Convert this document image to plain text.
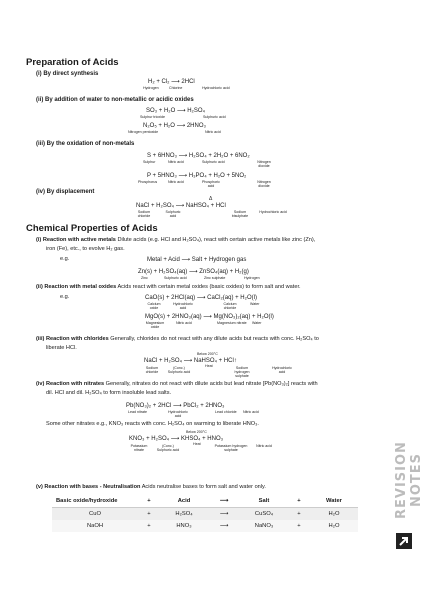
Preparation of Acids
(i) By direct synthesis
H₂ + Cl₂ ⟶ 2HCl
Hydrogen	Chlorine	Hydrochloric acid
(ii) By addition of water to non-metallic or acidic oxides
SO₃ + H₂O ⟶ H₂SO₄
Sulphur trioxide	Sulphuric acid
N₂O₅ + H₂O ⟶ 2HNO₃
Nitrogen pentoxide	Nitric acid
(iii) By the oxidation of non-metals
S + 6HNO₃ ⟶ H₂SO₄ + 2H₂O + 6NO₂
Sulphur	Nitric acid	Sulphuric acid	Nitrogen dioxide
P + 5HNO₃ ⟶ H₃PO₄ + H₂O + 5NO₂
Phosphorus	Nitric acid	Phosphoric acid
Nitrogen dioxide
(iv) By displacement
Δ
NaCl + H₂SO₄ ⟶ NaHSO₄ + HCl
Sodium chloride
Sulphuric acid
Sodium bisulphate
Hydrochloric acid
Chemical Properties of Acids
(i) Reaction with active metals Dilute acids (e.g. HCl and H₂SO₄), react with certain active metals like zinc (Zn),
iron (Fe), etc., to evolve H₂ gas.
e.g.	Metal + Acid ⟶ Salt + Hydrogen gas
Zn(s) + H₂SO₄(aq) ⟶ ZnSO₄(aq) + H₂(g)
Zinc	Sulphuric acid	Zinc sulphate	Hydrogen
(ii) Reaction with metal oxides Acids react with certain metal oxides (basic oxides) to form salt and water.
e.g.	CaO(s) + 2HCl(aq) ⟶ CaCl₂(aq) + H₂O(l)
Calcium oxide
Hydrochloric acid
Calcium chloride
Water
MgO(s) + 2HNO₃(aq) ⟶ Mg(NO₃)₂(aq) + H₂O(l)
Magnesium oxide
Nitric acid	Magnesium nitrate Water
(iii) Reaction with chlorides Generally, chlorides do not react with any dilute acids but reacts with conc. H₂SO₄ to
liberate HCl.
Below 200°C
Heat
NaCl + H₂SO₄ ⟶ NaHSO₄ + HCl↑
Sodium chloride
(Conc.) Sulphuric acid
Sodium hydrogen sulphate
Hydrochloric acid
(iv) Reaction with nitrates Generally, nitrates do not react with dilute acids but lead nitrate [Pb(NO₃)₂] reacts with
dil. HCl and dil. H₂SO₄ to form insoluble lead salts.
Pb(NO₃)₂ + 2HCl ⟶ PbCl₂ + 2HNO₃
Lead nitrate	Hydrochloric acid
Lead chloride Nitric acid
Some other nitrates e.g., KNO₃ reacts with conc. H₂SO₄ on warming to liberate HNO₃.
Below 200°C
Heat
KNO₃ + H₂SO₄ ⟶ KHSO₄ + HNO₃
Potassium nitrate
(Conc.) Sulphuric acid
Potassium hydrogen sulphate
Nitric acid
(v) Reaction with bases - Neutralisation Acids neutralise bases to form salt and water only.
Basic oxide/hydroxide	+	Acid	⟶	Salt	+	Water
CuO	+	H₂SO₄	⟶	CuSO₄	+	H₂O
NaOH	+	HNO₃	⟶	NaNO₃	+	H₂O
REVISION NOTES
